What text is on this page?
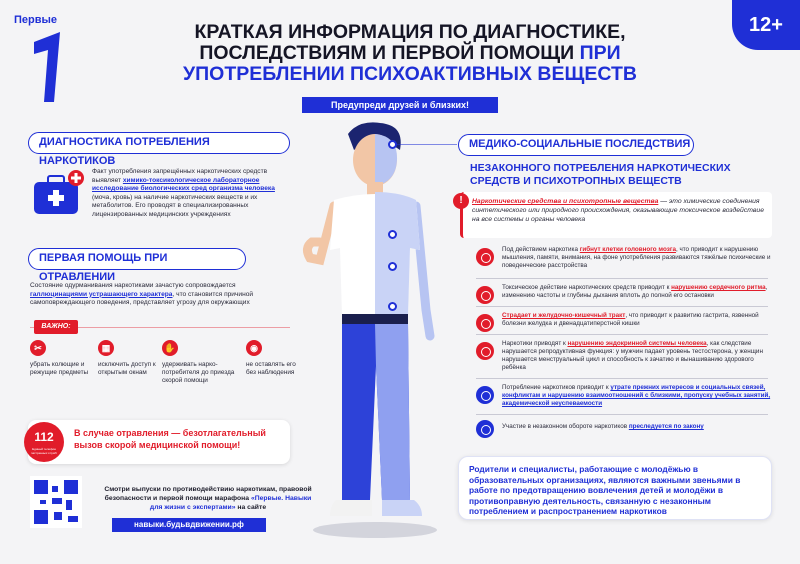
Первые	12+
КРАТКАЯ ИНФОРМАЦИЯ ПО ДИАГНОСТИКЕ, ПОСЛЕДСТВИЯМ И ПЕРВОЙ ПОМОЩИ ПРИ УПОТРЕБЛЕНИИ ПСИХОАКТИВНЫХ ВЕЩЕСТВ
Предупреди друзей и близких!
ДИАГНОСТИКА ПОТРЕБЛЕНИЯ НАРКОТИКОВ
Факт употребления запрещённых наркотических средств выявляет химико-токсикологическое лабораторное исследование биологических сред организма человека (моча, кровь) на наличие наркотических веществ и их метаболитов. Его проводят в специализированных лицензированных медицинских учреждениях
ПЕРВАЯ ПОМОЩЬ ПРИ ОТРАВЛЕНИИ
Состояние одурманивания наркотиками зачастую сопровождается галлюцинациями устрашающего характера, что становится причиной самоповреждающего поведения, представляет угрозу для окружающих
ВАЖНО:
✂
убрать колющие и режущие предметы
▦
исключить доступ к открытым окнам
✋
удерживать нарко-потребителя до приезда скорой помощи
◉
не оставлять его без наблюдения
112
Единый телефон экстренных служб
В случае отравления — безотлагательный вызов скорой медицинской помощи!
Смотри выпуски по противодействию наркотикам, правовой безопасности и первой помощи марафона «Первые. Навыки для жизни с экспертами» на сайте
навыки.будьвдвижении.рф
МЕДИКО-СОЦИАЛЬНЫЕ ПОСЛЕДСТВИЯ
НЕЗАКОННОГО ПОТРЕБЛЕНИЯ НАРКОТИЧЕСКИХ СРЕДСТВ И ПСИХОТРОПНЫХ ВЕЩЕСТВ
!	Наркотические средства и психотропные вещества — это химические соединения синтетического или природного происхождения, оказывающие токсическое воздействие на все системы и органы человека
Под действием наркотика гибнут клетки головного мозга, что приводит к нарушению мышления, памяти, внимания, на фоне употребления развиваются тяжёлые психические и поведенческие расстройства
Токсическое действие наркотических средств приводит к нарушению сердечного ритма, изменению частоты и глубины дыхания вплоть до полной его остановки
Страдает и желудочно-кишечный тракт, что приводит к развитию гастрита, язвенной болезни желудка и двенадцатиперстной кишки
Наркотики приводят к нарушению эндокринной системы человека, как следствие нарушается репродуктивная функция: у мужчин падает уровень тестостерона, у женщин нарушается менструальный цикл и способность к зачатию и вынашиванию здорового ребёнка
Потребление наркотиков приводит к утрате прежних интересов и социальных связей, конфликтам и нарушению взаимоотношений с близкими, пропуску учебных занятий, академической неуспеваемости
Участие в незаконном обороте наркотиков преследуется по закону
Родители и специалисты, работающие с молодёжью в образовательных организациях, являются важными звеньями в работе по предотвращению вовлечения детей и молодёжи в противоправную деятельность, связанную с незаконным потреблением и распространением наркотиков
